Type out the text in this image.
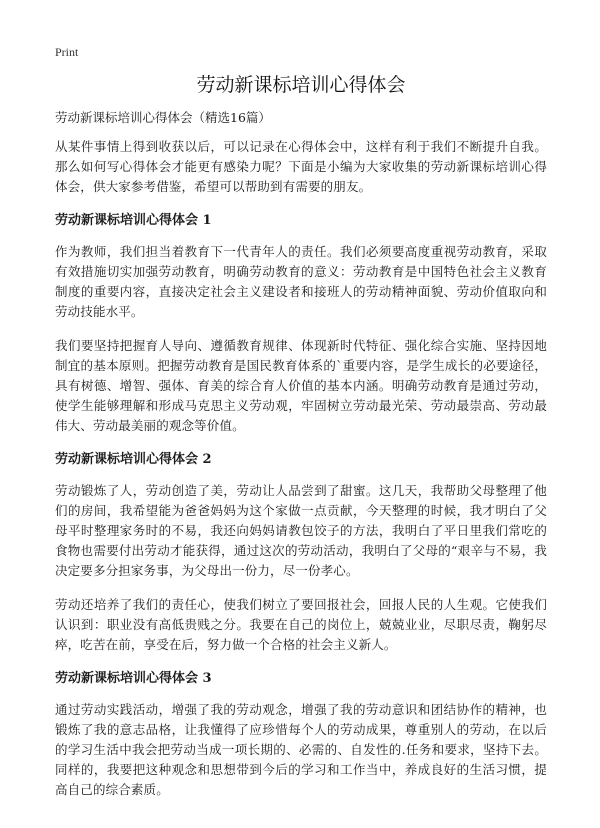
Print
劳动新课标培训心得体会

劳动新课标培训心得体会（精选16篇）

从某件事情上得到收获以后，可以记录在心得体会中，这样有利于我们不断提升自我。那么如何写心得体会才能更有感染力呢？下面是小编为大家收集的劳动新课标培训心得体会，供大家参考借鉴，希望可以帮助到有需要的朋友。

劳动新课标培训心得体会 1

作为教师，我们担当着教育下一代青年人的责任。我们必须要高度重视劳动教育，采取有效措施切实加强劳动教育，明确劳动教育的意义：劳动教育是中国特色社会主义教育制度的重要内容，直接决定社会主义建设者和接班人的劳动精神面貌、劳动价值取向和劳动技能水平。

我们要坚持把握育人导向、遵循教育规律、体现新时代特征、强化综合实施、坚持因地制宜的基本原则。把握劳动教育是国民教育体系的`重要内容，是学生成长的必要途径，具有树德、增智、强体、育美的综合育人价值的基本内涵。明确劳动教育是通过劳动，使学生能够理解和形成马克思主义劳动观，牢固树立劳动最光荣、劳动最崇高、劳动最伟大、劳动最美丽的观念等价值。

劳动新课标培训心得体会 2

劳动锻炼了人，劳动创造了美，劳动让人品尝到了甜蜜。这几天，我帮助父母整理了他们的房间，我希望能为爸爸妈妈为这个家做一点贡献，今天整理的时候，我才明白了父母平时整理家务时的不易，我还向妈妈请教包饺子的方法，我明白了平日里我们常吃的食物也需要付出劳动才能获得，通过这次的劳动活动，我明白了父母的“艰辛与不易，我决定要多分担家务事，为父母出一份力，尽一份孝心。

劳动还培养了我们的责任心，使我们树立了要回报社会，回报人民的人生观。它使我们认识到：职业没有高低贵贱之分。我要在自己的岗位上，兢兢业业，尽职尽责，鞠躬尽瘁，吃苦在前，享受在后，努力做一个合格的社会主义新人。

劳动新课标培训心得体会 3

通过劳动实践活动，增强了我的劳动观念，增强了我的劳动意识和团结协作的精神，也锻炼了我的意志品格，让我懂得了应珍惜每个人的劳动成果，尊重别人的劳动，在以后的学习生活中我会把劳动当成一项长期的、必需的、自发性的.任务和要求，坚持下去。同样的，我要把这种观念和思想带到今后的学习和工作当中，养成良好的生活习惯，提高自己的综合素质。
